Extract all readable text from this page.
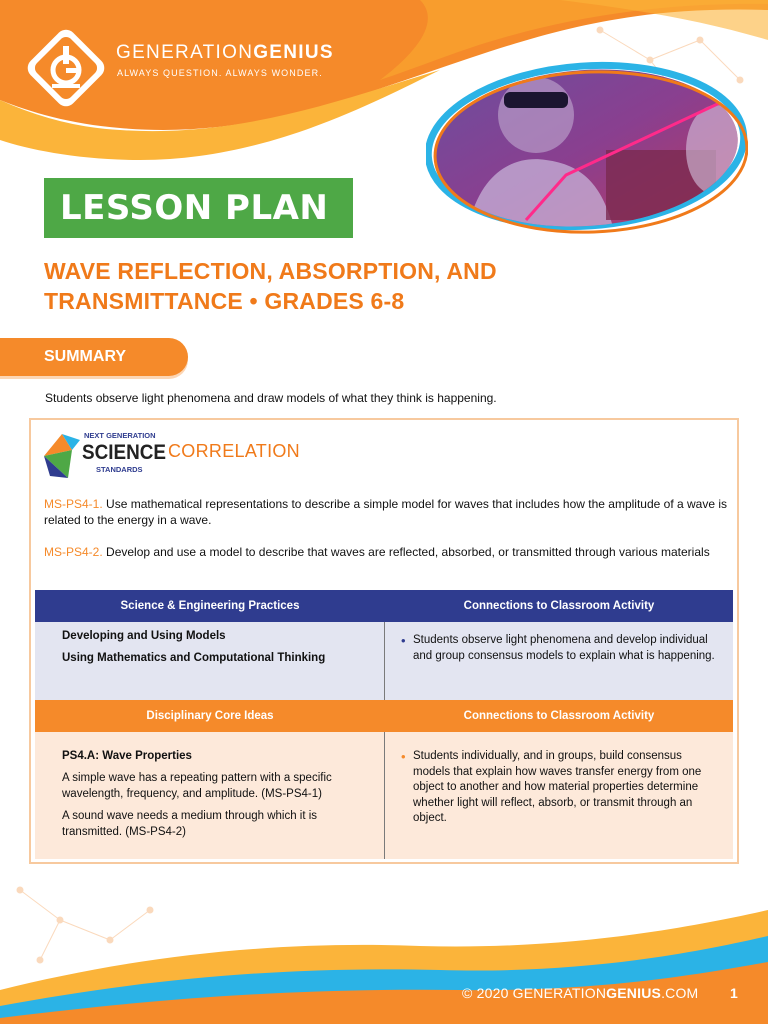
GENERATIONGENIUS
ALWAYS QUESTION. ALWAYS WONDER.
LESSON PLAN
WAVE REFLECTION, ABSORPTION, AND
TRANSMITTANCE • GRADES 6-8
SUMMARY
Students observe light phenomena and draw models of what they think is happening.
NEXT GENERATION
SCIENCE
STANDARDS
CORRELATION
MS-PS4-1. Use mathematical representations to describe a simple model for waves that includes how the amplitude of a wave is related to the energy in a wave.
MS-PS4-2. Develop and use a model to describe that waves are reflected, absorbed, or transmitted through various materials
Science & Engineering Practices	Connections to Classroom Activity
Developing and Using Models
Using Mathematics and Computational Thinking
• Students observe light phenomena and develop individual and group consensus models to explain what is happening.
Disciplinary Core Ideas	Connections to Classroom Activity
PS4.A: Wave Properties
A simple wave has a repeating pattern with a specific wavelength, frequency, and amplitude. (MS-PS4-1)
A sound wave needs a medium through which it is transmitted. (MS-PS4-2)
• Students individually, and in groups, build consensus models that explain how waves transfer energy from one object to another and how material properties determine whether light will reflect, absorb, or transmit through an object.
© 2020 GENERATIONGENIUS.COM 1
